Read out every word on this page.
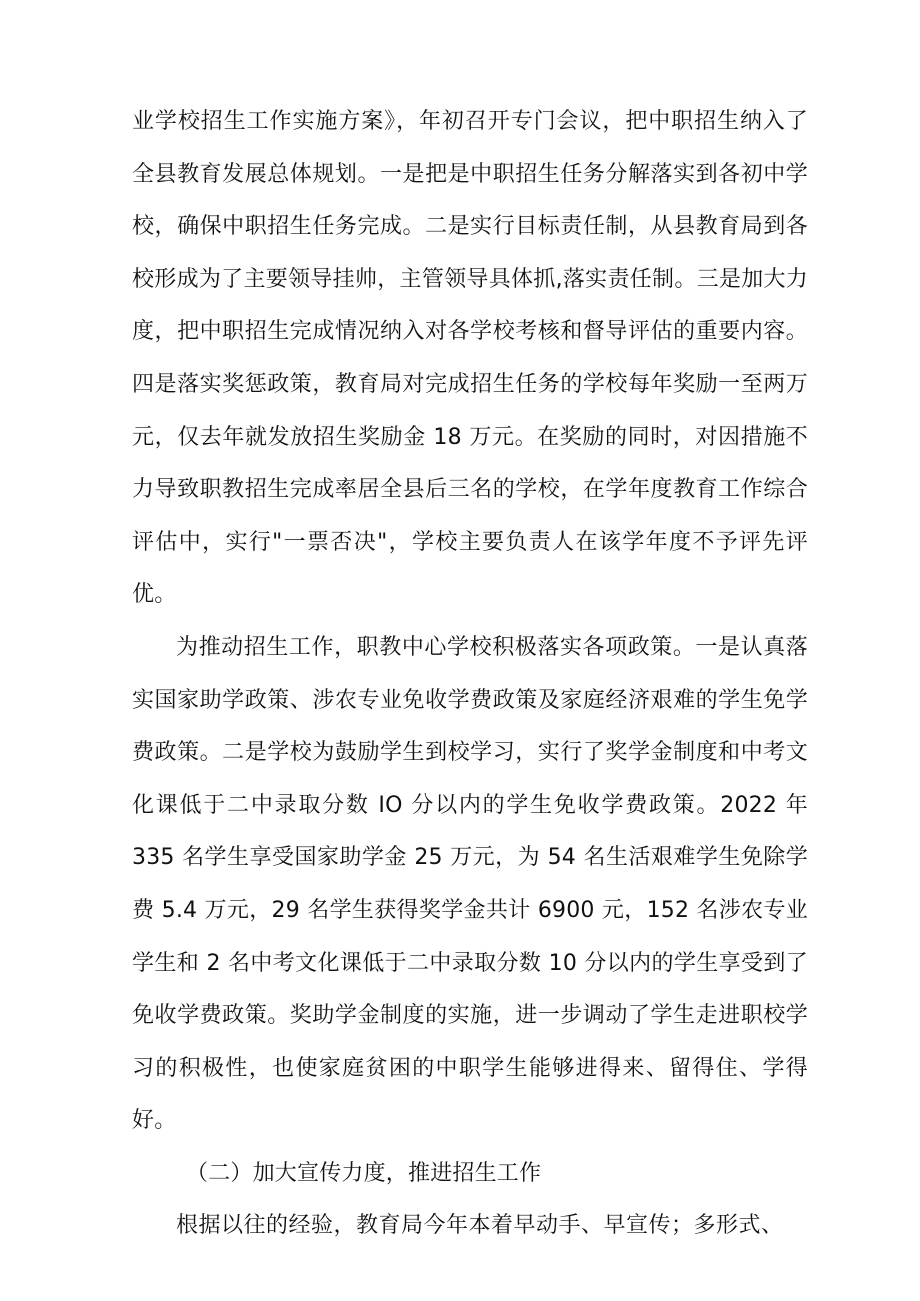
业学校招生工作实施方案》，年初召开专门会议，把中职招生纳入了全县教育发展总体规划。一是把是中职招生任务分解落实到各初中学校，确保中职招生任务完成。二是实行目标责任制，从县教育局到各校形成为了主要领导挂帅，主管领导具体抓,落实责任制。三是加大力度，把中职招生完成情况纳入对各学校考核和督导评估的重要内容。四是落实奖惩政策，教育局对完成招生任务的学校每年奖励一至两万元，仅去年就发放招生奖励金 18 万元。在奖励的同时，对因措施不力导致职教招生完成率居全县后三名的学校，在学年度教育工作综合评估中，实行"一票否决"，学校主要负责人在该学年度不予评先评优。

为推动招生工作，职教中心学校积极落实各项政策。一是认真落实国家助学政策、涉农专业免收学费政策及家庭经济艰难的学生免学费政策。二是学校为鼓励学生到校学习，实行了奖学金制度和中考文化课低于二中录取分数 IO 分以内的学生免收学费政策。2022 年 335 名学生享受国家助学金 25 万元，为 54 名生活艰难学生免除学费 5.4 万元，29 名学生获得奖学金共计 6900 元，152 名涉农专业学生和 2 名中考文化课低于二中录取分数 10 分以内的学生享受到了免收学费政策。奖助学金制度的实施，进一步调动了学生走进职校学习的积极性，也使家庭贫困的中职学生能够进得来、留得住、学得好。

（二）加大宣传力度，推进招生工作

根据以往的经验，教育局今年本着早动手、早宣传；多形式、
